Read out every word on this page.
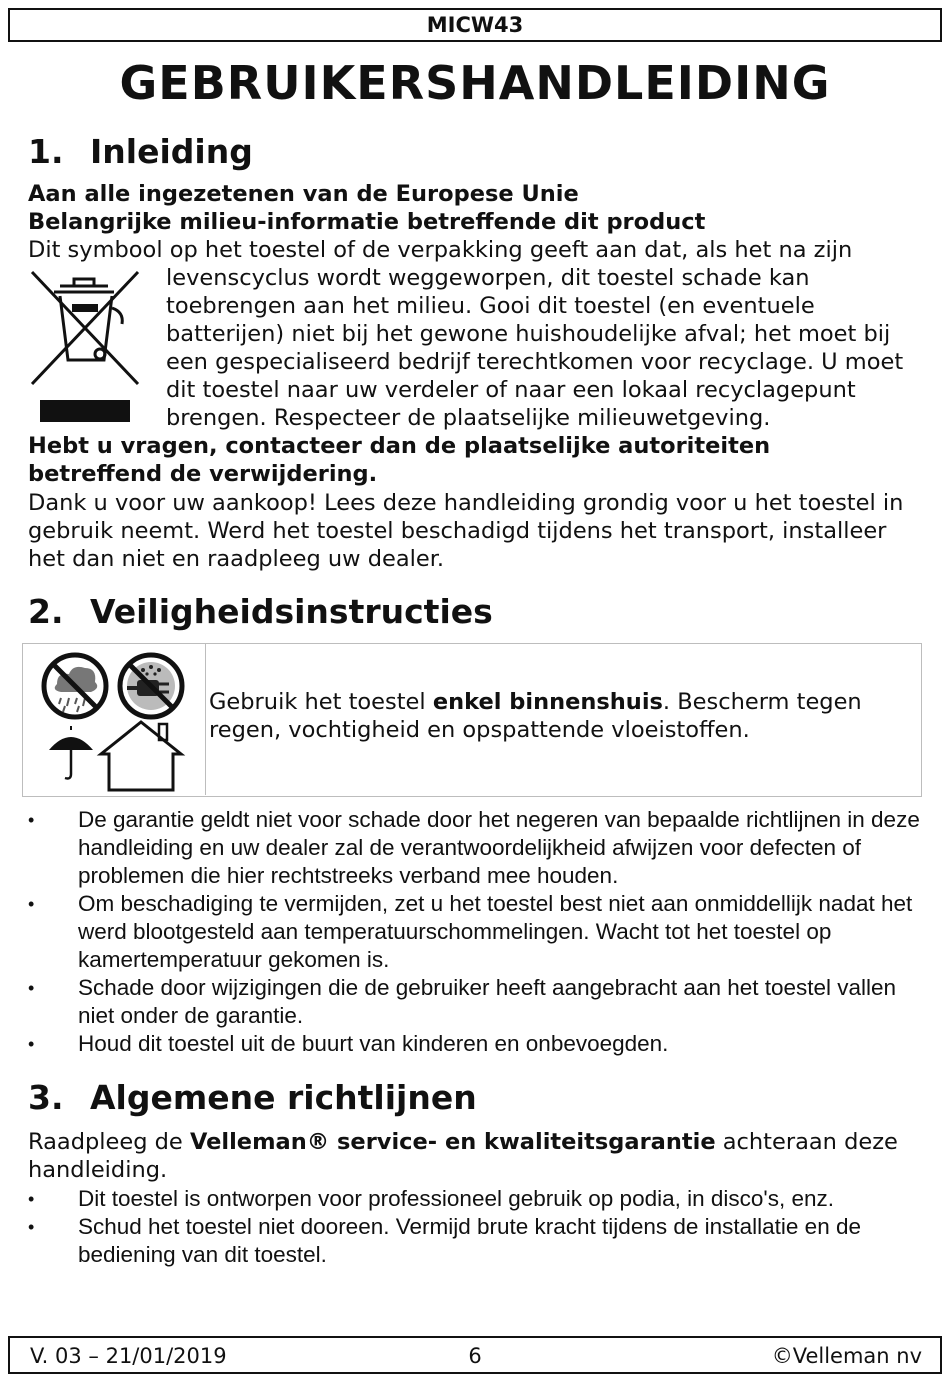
MICW43
GEBRUIKERSHANDLEIDING
1. Inleiding

Aan alle ingezetenen van de Europese Unie

Belangrijke milieu-informatie betreffende dit product

Dit symbool op het toestel of de verpakking geeft aan dat, als het na zijn

levenscyclus wordt weggeworpen, dit toestel schade kan toebrengen aan het milieu. Gooi dit toestel (en eventuele batterijen) niet bij het gewone huishoudelijke afval; het moet bij een gespecialiseerd bedrijf terechtkomen voor recyclage. U moet dit toestel naar uw verdeler of naar een lokaal recyclagepunt brengen. Respecteer de plaatselijke milieuwetgeving.

Hebt u vragen, contacteer dan de plaatselijke autoriteiten betreffend de verwijdering.

Dank u voor uw aankoop! Lees deze handleiding grondig voor u het toestel in gebruik neemt. Werd het toestel beschadigd tijdens het transport, installeer het dan niet en raadpleeg uw dealer.

2. Veiligheidsinstructies

Gebruik het toestel enkel binnenshuis. Bescherm tegen regen, vochtigheid en opspattende vloeistoffen.

• De garantie geldt niet voor schade door het negeren van bepaalde richtlijnen in deze handleiding en uw dealer zal de verantwoordelijkheid afwijzen voor defecten of problemen die hier rechtstreeks verband mee houden.
• Om beschadiging te vermijden, zet u het toestel best niet aan onmiddellijk nadat het werd blootgesteld aan temperatuurschommelingen. Wacht tot het toestel op kamertemperatuur gekomen is.
• Schade door wijzigingen die de gebruiker heeft aangebracht aan het toestel vallen niet onder de garantie.
• Houd dit toestel uit de buurt van kinderen en onbevoegden.
3. Algemene richtlijnen

Raadpleeg de Velleman® service- en kwaliteitsgarantie achteraan deze handleiding.

• Dit toestel is ontworpen voor professioneel gebruik op podia, in disco's, enz.
• Schud het toestel niet dooreen. Vermijd brute kracht tijdens de installatie en de bediening van dit toestel.
V. 03 – 21/01/2019	6	©Velleman nv
